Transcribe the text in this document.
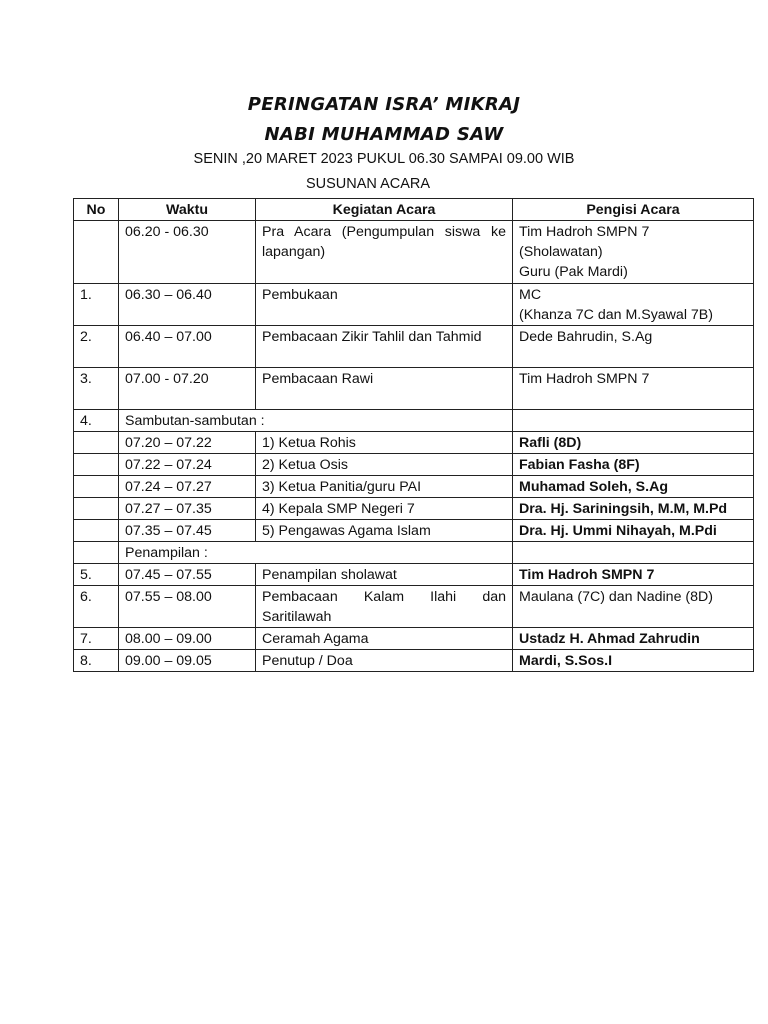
PERINGATAN ISRA’ MIKRAJ
NABI MUHAMMAD SAW
SENIN ,20 MARET 2023 PUKUL 06.30 SAMPAI 09.00 WIB
SUSUNAN ACARA
No	Waktu	Kegiatan Acara	Pengisi Acara
	06.20 - 06.30	Pra Acara (Pengumpulan siswa ke lapangan)	Tim Hadroh SMPN 7
(Sholawatan)
Guru (Pak Mardi)

1.	06.30 – 06.40	Pembukaan	MC
(Khanza 7C dan M.Syawal 7B)

2.	06.40 – 07.00	Pembacaan Zikir Tahlil dan Tahmid	Dede Bahrudin, S.Ag
3.	07.00 - 07.20	Pembacaan Rawi	Tim Hadroh SMPN 7
4.	Sambutan-sambutan :		
	07.20 – 07.22	1) Ketua Rohis	Rafli (8D)
	07.22 – 07.24	2) Ketua Osis	Fabian Fasha (8F)
	07.24 – 07.27	3) Ketua Panitia/guru PAI	Muhamad Soleh, S.Ag
	07.27 – 07.35	4) Kepala SMP Negeri 7	Dra. Hj. Sariningsih, M.M, M.Pd
	07.35 – 07.45	5) Pengawas Agama Islam	Dra. Hj. Ummi Nihayah, M.Pdi
	Penampilan :		
5.	07.45 – 07.55	Penampilan sholawat	Tim Hadroh SMPN 7
6.	07.55 – 08.00	Pembacaan Kalam Ilahi dan Saritilawah	Maulana (7C) dan Nadine (8D)
7.	08.00 – 09.00	Ceramah Agama	Ustadz H. Ahmad Zahrudin
8.	09.00 – 09.05	Penutup / Doa	Mardi, S.Sos.I
